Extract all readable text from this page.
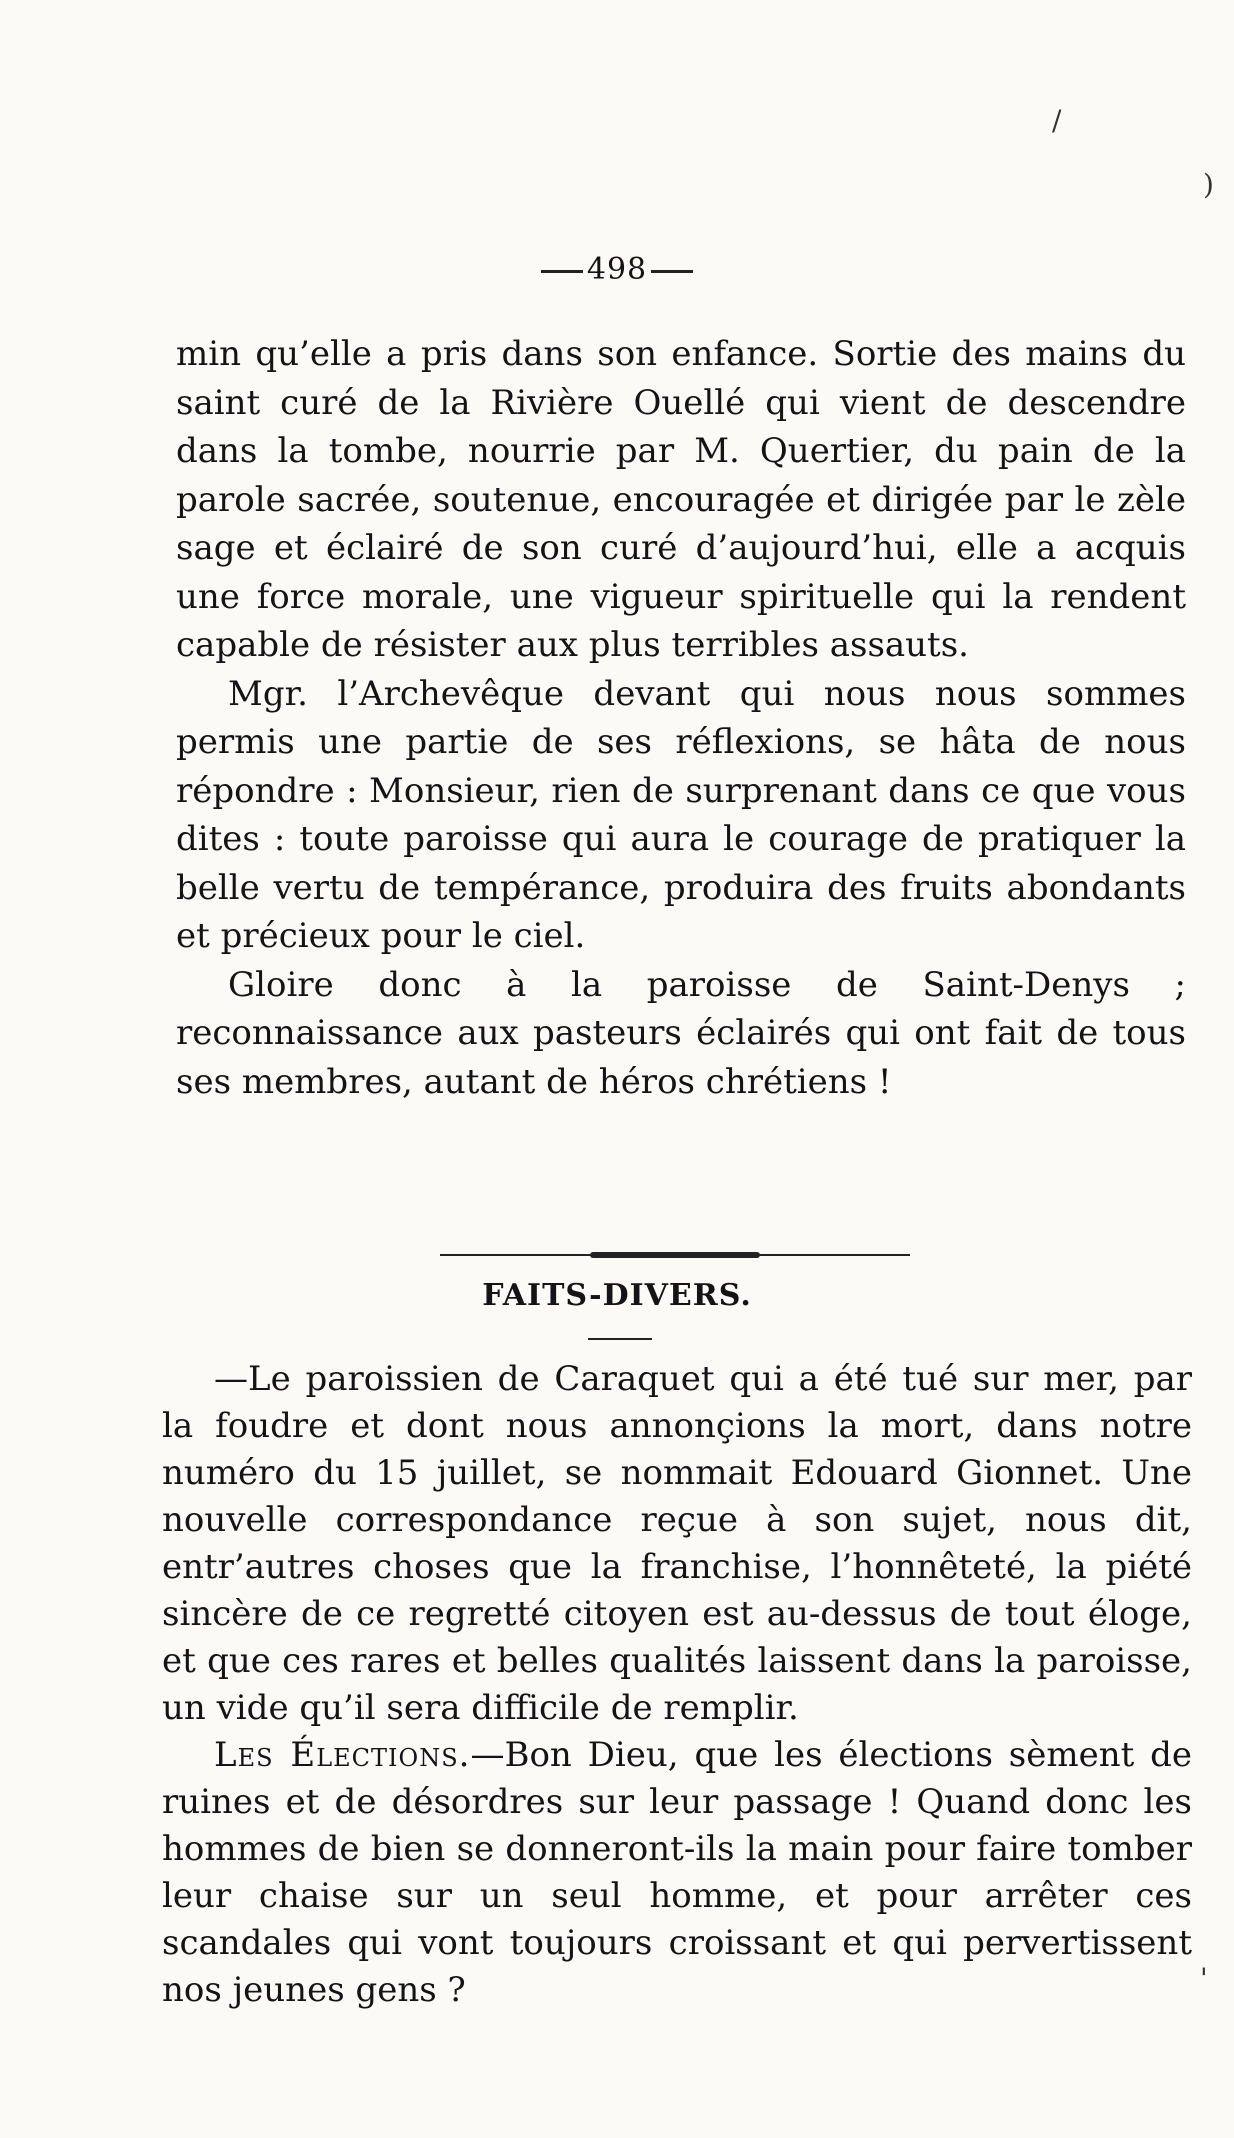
/
)
'
498

min qu’elle a pris dans son enfance. Sortie des mains du saint curé de la Rivière Ouellé qui vient de descendre dans la tombe, nourrie par M. Quertier, du pain de la parole sacrée, soutenue, encouragée et dirigée par le zèle sage et éclairé de son curé d’aujourd’hui, elle a acquis une force morale, une vigueur spirituelle qui la rendent capable de résister aux plus terribles assauts.

Mgr. l’Archevêque devant qui nous nous sommes permis une partie de ses réflexions, se hâta de nous répondre : Monsieur, rien de surprenant dans ce que vous dites : toute paroisse qui aura le courage de pratiquer la belle vertu de tempérance, produira des fruits abondants et précieux pour le ciel.

Gloire donc à la paroisse de Saint-Denys ; reconnaissance aux pasteurs éclairés qui ont fait de tous ses membres, autant de héros chrétiens !

FAITS-DIVERS.

—Le paroissien de Caraquet qui a été tué sur mer, par la foudre et dont nous annonçions la mort, dans notre numéro du 15 juillet, se nommait Edouard Gionnet. Une nouvelle correspondance reçue à son sujet, nous dit, entr’autres choses que la franchise, l’honnêteté, la piété sincère de ce regretté citoyen est au-dessus de tout éloge, et que ces rares et belles qualités laissent dans la paroisse, un vide qu’il sera difficile de remplir.

Les Élections.—Bon Dieu, que les élections sèment de ruines et de désordres sur leur passage ! Quand donc les hommes de bien se donneront-ils la main pour faire tomber leur chaise sur un seul homme, et pour arrêter ces scandales qui vont toujours croissant et qui pervertissent nos jeunes gens ?
